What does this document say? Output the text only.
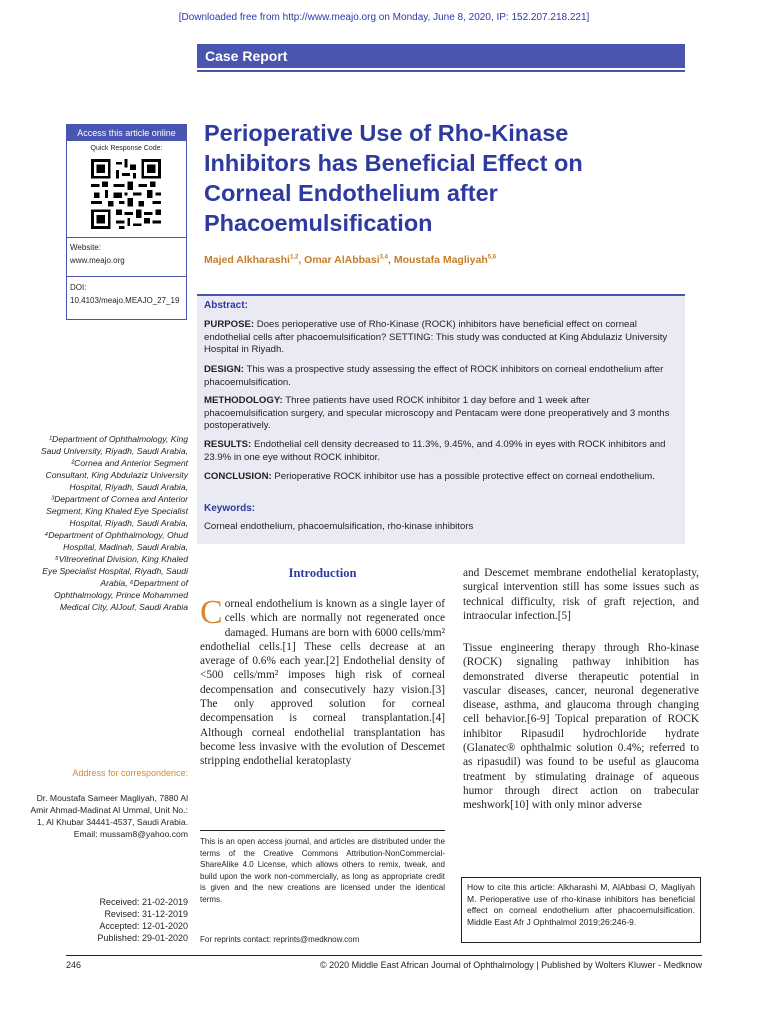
[Downloaded free from http://www.meajo.org on Monday, June 8, 2020, IP: 152.207.218.221]
Case Report
Access this article online
Quick Response Code:
Website:
www.meajo.org
DOI:
10.4103/meajo.MEAJO_27_19
Perioperative Use of Rho-Kinase Inhibitors has Beneficial Effect on Corneal Endothelium after Phacoemulsification
Majed Alkharashi$^{1,2}$, Omar AlAbbasi$^{3,4}$, Moustafa Magliyah$^{5,6}$
Abstract:
PURPOSE: Does perioperative use of Rho-Kinase (ROCK) inhibitors have beneficial effect on corneal endothelial cells after phacoemulsification? SETTING: This study was conducted at King Abdulaziz University Hospital in Riyadh.
DESIGN: This was a prospective study assessing the effect of ROCK inhibitors on corneal endothelium after phacoemulsification.
METHODOLOGY: Three patients have used ROCK inhibitor 1 day before and 1 week after phacoemulsification surgery, and specular microscopy and Pentacam were done preoperatively and 3 months postoperatively.
RESULTS: Endothelial cell density decreased to 11.3%, 9.45%, and 4.09% in eyes with ROCK inhibitors and 23.9% in one eye without ROCK inhibitor.
CONCLUSION: Perioperative ROCK inhibitor use has a possible protective effect on corneal endothelium.
Keywords:
Corneal endothelium, phacoemulsification, rho-kinase inhibitors
¹Department of Ophthalmology, King Saud University, Riyadh, Saudi Arabia, ²Cornea and Anterior Segment Consultant, King Abdulaziz University Hospital, Riyadh, Saudi Arabia, ³Department of Cornea and Anterior Segment, King Khaled Eye Specialist Hospital, Riyadh, Saudi Arabia, ⁴Department of Ophthalmology, Ohud Hospital, Madinah, Saudi Arabia, ⁵Vitreoretinal Division, King Khaled Eye Specialist Hospital, Riyadh, Saudi Arabia, ⁶Department of Ophthalmology, Prince Mohammed Medical City, AlJouf, Saudi Arabia
Address for correspondence:
Dr. Moustafa Sameer Magliyah, 7880 Al Amir Ahmad-Madinat Al Ummal, Unit No.: 1, Al Khubar 34441-4537, Saudi Arabia. Email: mussam8@yahoo.com
Received: 21-02-2019
Revised: 31-12-2019
Accepted: 12-01-2020
Published: 29-01-2020
Introduction
Corneal endothelium is known as a single layer of cells which are normally not regenerated once damaged. Humans are born with 6000 cells/mm² endothelial cells.[1] These cells decrease at an average of 0.6% each year.[2] Endothelial density of <500 cells/mm² imposes high risk of corneal decompensation and consecutively hazy vision.[3] The only approved solution for corneal decompensation is corneal transplantation.[4] Although corneal endothelial transplantation has become less invasive with the evolution of Descemet stripping endothelial keratoplasty
and Descemet membrane endothelial keratoplasty, surgical intervention still has some issues such as technical difficulty, risk of graft rejection, and intraocular infection.[5]
Tissue engineering therapy through Rho-kinase (ROCK) signaling pathway inhibition has demonstrated diverse therapeutic potential in vascular diseases, cancer, neuronal degenerative disease, asthma, and glaucoma through changing cell behavior.[6-9] Topical preparation of ROCK inhibitor Ripasudil hydrochloride hydrate (Glanatec® ophthalmic solution 0.4%; referred to as ripasudil) was found to be useful as glaucoma treatment by stimulating drainage of aqueous humor through direct action on trabecular meshwork[10] with only minor adverse
This is an open access journal, and articles are distributed under the terms of the Creative Commons Attribution-NonCommercial-ShareAlike 4.0 License, which allows others to remix, tweak, and build upon the work non-commercially, as long as appropriate credit is given and the new creations are licensed under the identical terms.
For reprints contact: reprints@medknow.com
How to cite this article: Alkharashi M, AlAbbasi O, Magliyah M. Perioperative use of rho-kinase inhibitors has beneficial effect on corneal endothelium after phacoemulsification. Middle East Afr J Ophthalmol 2019;26:246-9.
246	© 2020 Middle East African Journal of Ophthalmology | Published by Wolters Kluwer - Medknow
